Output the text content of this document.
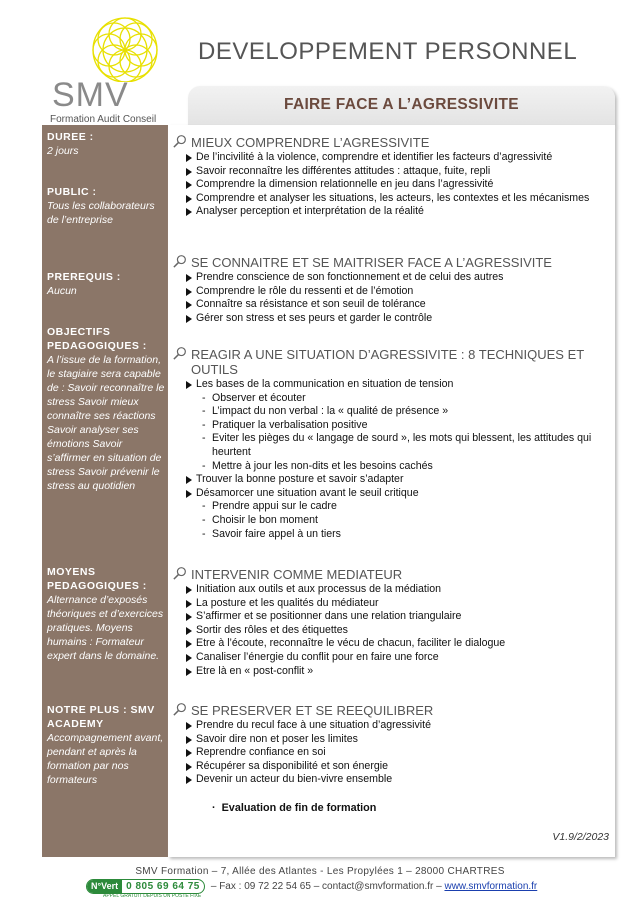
SMV
Formation Audit Conseil
DEVELOPPEMENT PERSONNEL
FAIRE FACE A L’AGRESSIVITE
DUREE :
2 jours
PUBLIC :
Tous les collaborateurs de l’entreprise
PREREQUIS :
Aucun
OBJECTIFS PEDAGOGIQUES :
A l’issue de la formation, le stagiaire sera capable de : Savoir reconnaître le stress Savoir mieux connaître ses réactions Savoir analyser ses émotions Savoir s’affirmer en situation de stress Savoir prévenir le stress au quotidien
MOYENS PEDAGOGIQUES :
Alternance d’exposés théoriques et d’exercices pratiques. Moyens humains : Formateur expert dans le domaine.
NOTRE PLUS : SMV ACADEMY
Accompagnement avant, pendant et après la formation par nos formateurs
MIEUX COMPRENDRE L’AGRESSIVITE
De l’incivilité à la violence, comprendre et identifier les facteurs d’agressivité
Savoir reconnaître les différentes attitudes : attaque, fuite, repli
Comprendre la dimension relationnelle en jeu dans l’agressivité
Comprendre et analyser les situations, les acteurs, les contextes et les mécanismes
Analyser perception et interprétation de la réalité
SE CONNAITRE ET SE MAITRISER FACE A L’AGRESSIVITE
Prendre conscience de son fonctionnement et de celui des autres
Comprendre le rôle du ressenti et de l’émotion
Connaître sa résistance et son seuil de tolérance
Gérer son stress et ses peurs et garder le contrôle
REAGIR A UNE SITUATION D’AGRESSIVITE : 8 TECHNIQUES ET OUTILS
Les bases de la communication en situation de tension
- Observer et écouter
- L’impact du non verbal : la « qualité de présence »
- Pratiquer la verbalisation positive
- Eviter les pièges du « langage de sourd », les mots qui blessent, les attitudes qui heurtent
- Mettre à jour les non-dits et les besoins cachés
Trouver la bonne posture et savoir s’adapter
Désamorcer une situation avant le seuil critique
- Prendre appui sur le cadre
- Choisir le bon moment
- Savoir faire appel à un tiers
INTERVENIR COMME MEDIATEUR
Initiation aux outils et aux processus de la médiation
La posture et les qualités du médiateur
S’affirmer et se positionner dans une relation triangulaire
Sortir des rôles et des étiquettes
Etre à l’écoute, reconnaître le vécu de chacun, faciliter le dialogue
Canaliser l’énergie du conflit pour en faire une force
Etre là en « post-conflit »
SE PRESERVER ET SE REEQUILIBRER
Prendre du recul face à une situation d’agressivité
Savoir dire non et poser les limites
Reprendre confiance en soi
Récupérer sa disponibilité et son énergie
Devenir un acteur du bien-vivre ensemble
·  Evaluation de fin de formation
V1.9/2/2023
SMV Formation – 7, Allée des Atlantes - Les Propylées 1 – 28000 CHARTRES
N°Vert 0 805 69 64 75	– Fax : 09 72 22 54 65 – contact@smvformation.fr –
www.smvformation.fr
APPEL GRATUIT DEPUIS UN POSTE FIXE
